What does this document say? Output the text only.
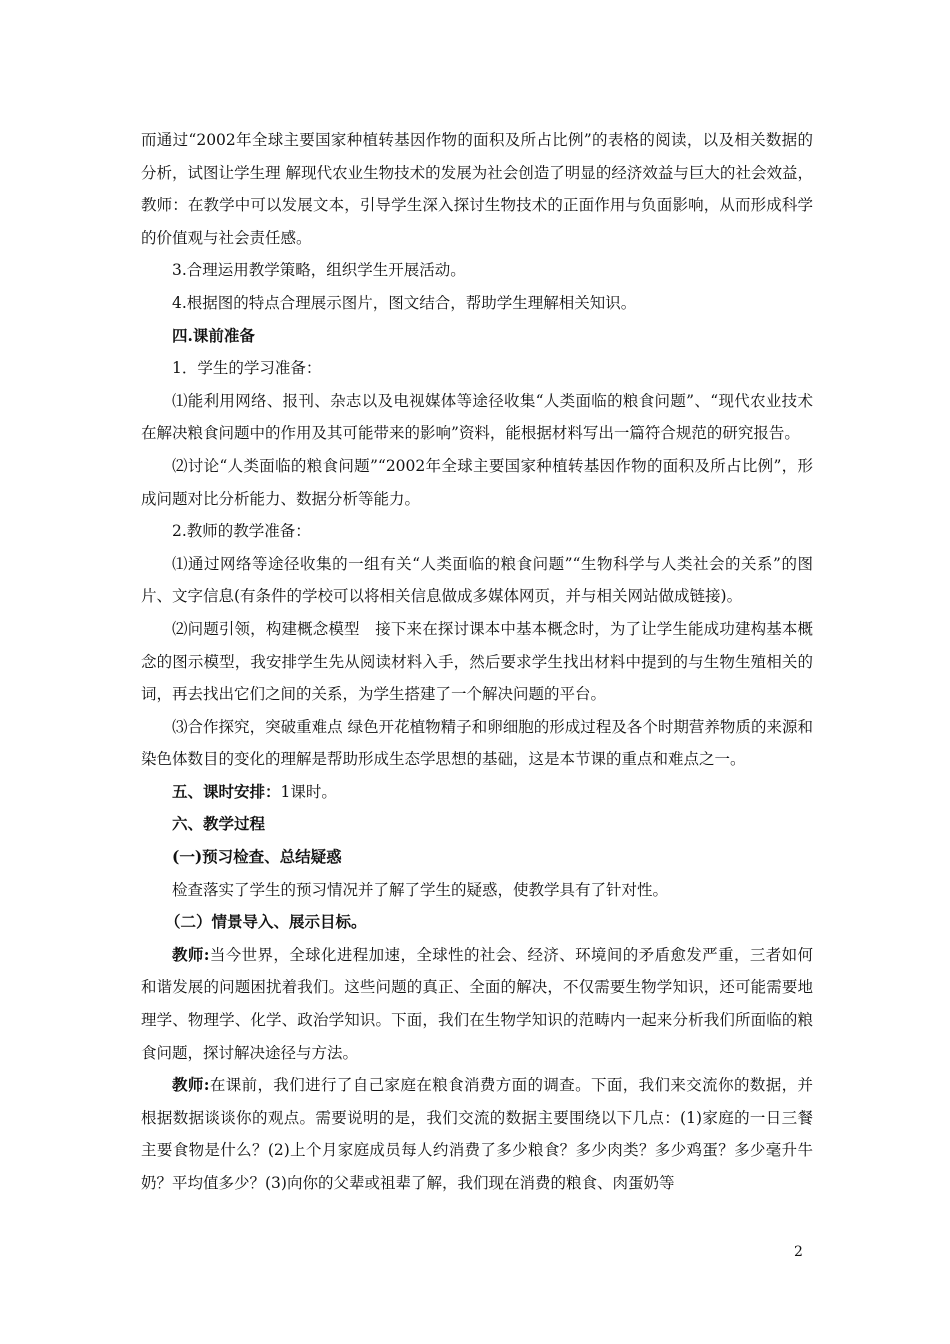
而通过“2002年全球主要国家种植转基因作物的面积及所占比例”的表格的阅读，以及相关数据的分析，试图让学生理 解现代农业生物技术的发展为社会创造了明显的经济效益与巨大的社会效益，教师：在教学中可以发展文本，引导学生深入探讨生物技术的正面作用与负面影响，从而形成科学的价值观与社会责任感。

3.合理运用教学策略，组织学生开展活动。

4.根据图的特点合理展示图片，图文结合，帮助学生理解相关知识。

四.课前准备

1．学生的学习准备：

⑴能利用网络、报刊、杂志以及电视媒体等途径收集“人类面临的粮食问题”、“现代农业技术在解决粮食问题中的作用及其可能带来的影响”资料，能根据材料写出一篇符合规范的研究报告。

⑵讨论“人类面临的粮食问题”“2002年全球主要国家种植转基因作物的面积及所占比例”，形成问题对比分析能力、数据分析等能力。

2.教师的教学准备：

⑴通过网络等途径收集的一组有关“人类面临的粮食问题”“生物科学与人类社会的关系”的图片、文字信息(有条件的学校可以将相关信息做成多媒体网页，并与相关网站做成链接)。

⑵问题引领，构建概念模型　接下来在探讨课本中基本概念时，为了让学生能成功建构基本概念的图示模型，我安排学生先从阅读材料入手，然后要求学生找出材料中提到的与生物生殖相关的词，再去找出它们之间的关系，为学生搭建了一个解决问题的平台。

⑶合作探究，突破重难点 绿色开花植物精子和卵细胞的形成过程及各个时期营养物质的来源和染色体数目的变化的理解是帮助形成生态学思想的基础，这是本节课的重点和难点之一。

五、课时安排：1课时。

六、教学过程

(一)预习检查、总结疑惑

检查落实了学生的预习情况并了解了学生的疑惑，使教学具有了针对性。

（二）情景导入、展示目标。

教师:当今世界，全球化进程加速，全球性的社会、经济、环境间的矛盾愈发严重，三者如何和谐发展的问题困扰着我们。这些问题的真正、全面的解决，不仅需要生物学知识，还可能需要地理学、物理学、化学、政治学知识。下面，我们在生物学知识的范畴内一起来分析我们所面临的粮食问题，探讨解决途径与方法。

教师:在课前，我们进行了自己家庭在粮食消费方面的调查。下面，我们来交流你的数据，并根据数据谈谈你的观点。需要说明的是，我们交流的数据主要围绕以下几点：(1)家庭的一日三餐主要食物是什么？(2)上个月家庭成员每人约消费了多少粮食？多少肉类？多少鸡蛋？多少毫升牛奶？平均值多少？(3)向你的父辈或祖辈了解，我们现在消费的粮食、肉蛋奶等

2
